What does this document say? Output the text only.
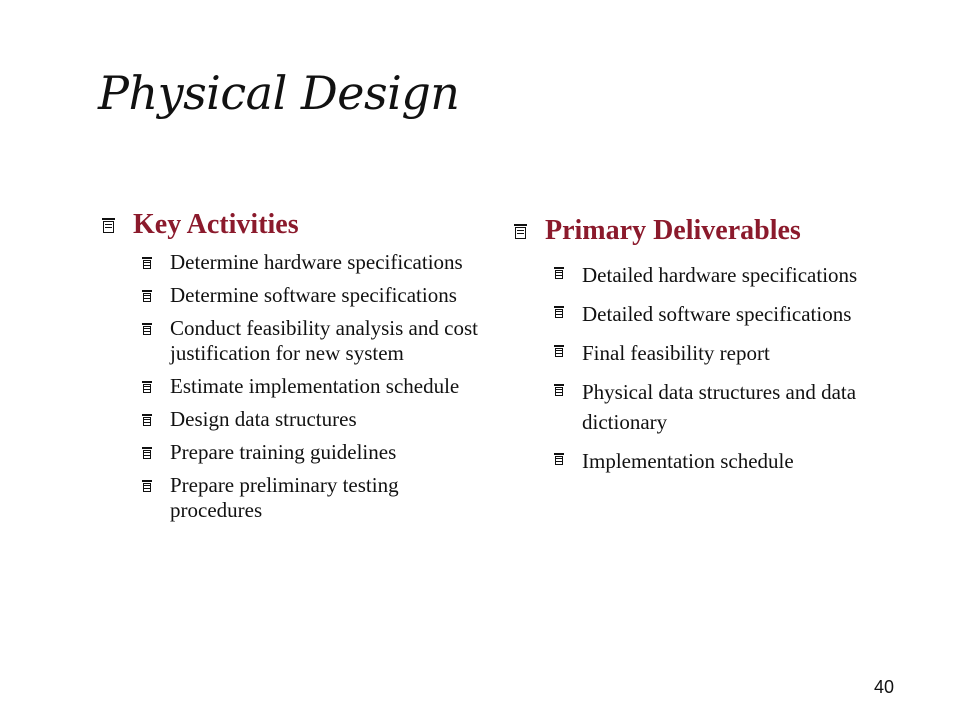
Physical Design
Key Activities
Determine hardware specifications
Determine software specifications
Conduct feasibility analysis and cost justification for new system
Estimate implementation schedule
Design data structures
Prepare training guidelines
Prepare preliminary testing procedures
Primary Deliverables
Detailed hardware specifications
Detailed software specifications
Final feasibility report
Physical data structures and data dictionary
Implementation schedule
40
